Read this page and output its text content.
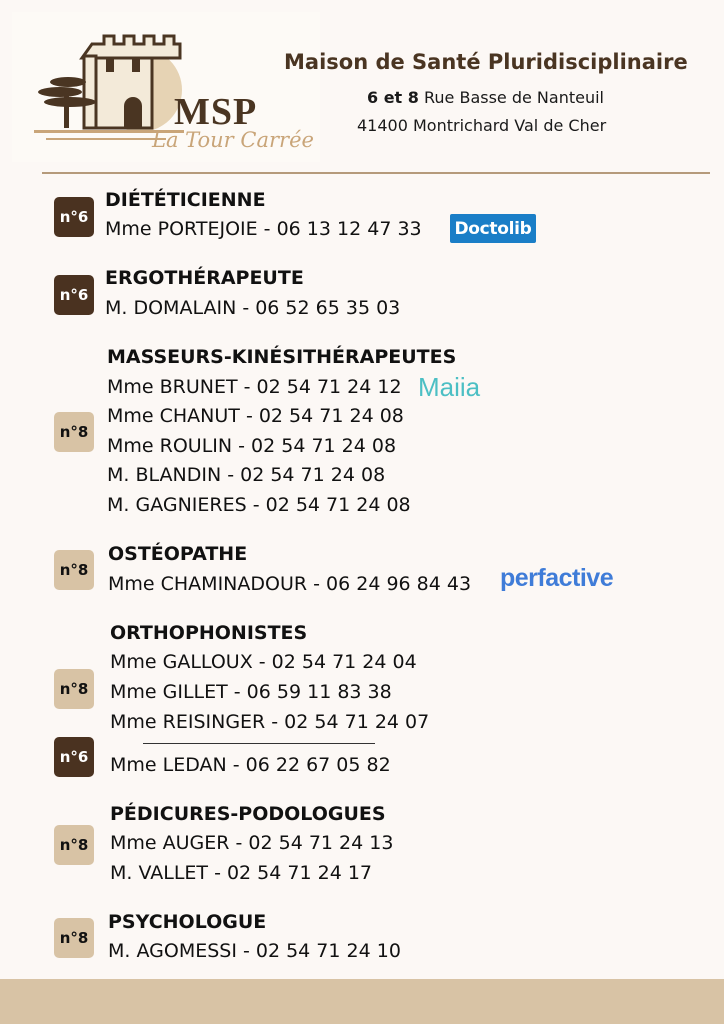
MSP
La Tour Carrée
Maison de Santé Pluridisciplinaire
6 et 8 Rue Basse de Nanteuil
41400 Montrichard Val de Cher
n°6
DIÉTÉTICIENNE
Mme PORTEJOIE - 06 13 12 47 33 Doctolib
n°6
ERGOTHÉRAPEUTE
M. DOMALAIN - 06 52 65 35 03
n°8
MASSEURS-KINÉSITHÉRAPEUTES
Mme BRUNET - 02 54 71 24 12
Mme CHANUT - 02 54 71 24 08
Mme ROULIN - 02 54 71 24 08
M. BLANDIN - 02 54 71 24 08
M. GAGNIERES - 02 54 71 24 08
Maiia
n°8
OSTÉOPATHE
Mme CHAMINADOUR - 06 24 96 84 43 perfactive
n°8
ORTHOPHONISTES
Mme GALLOUX - 02 54 71 24 04
Mme GILLET - 06 59 11 83 38
Mme REISINGER - 02 54 71 24 07
n°6 Mme LEDAN - 06 22 67 05 82
n°8
PÉDICURES-PODOLOGUES
Mme AUGER - 02 54 71 24 13
M. VALLET - 02 54 71 24 17
n°8
PSYCHOLOGUE
M. AGOMESSI - 02 54 71 24 10
